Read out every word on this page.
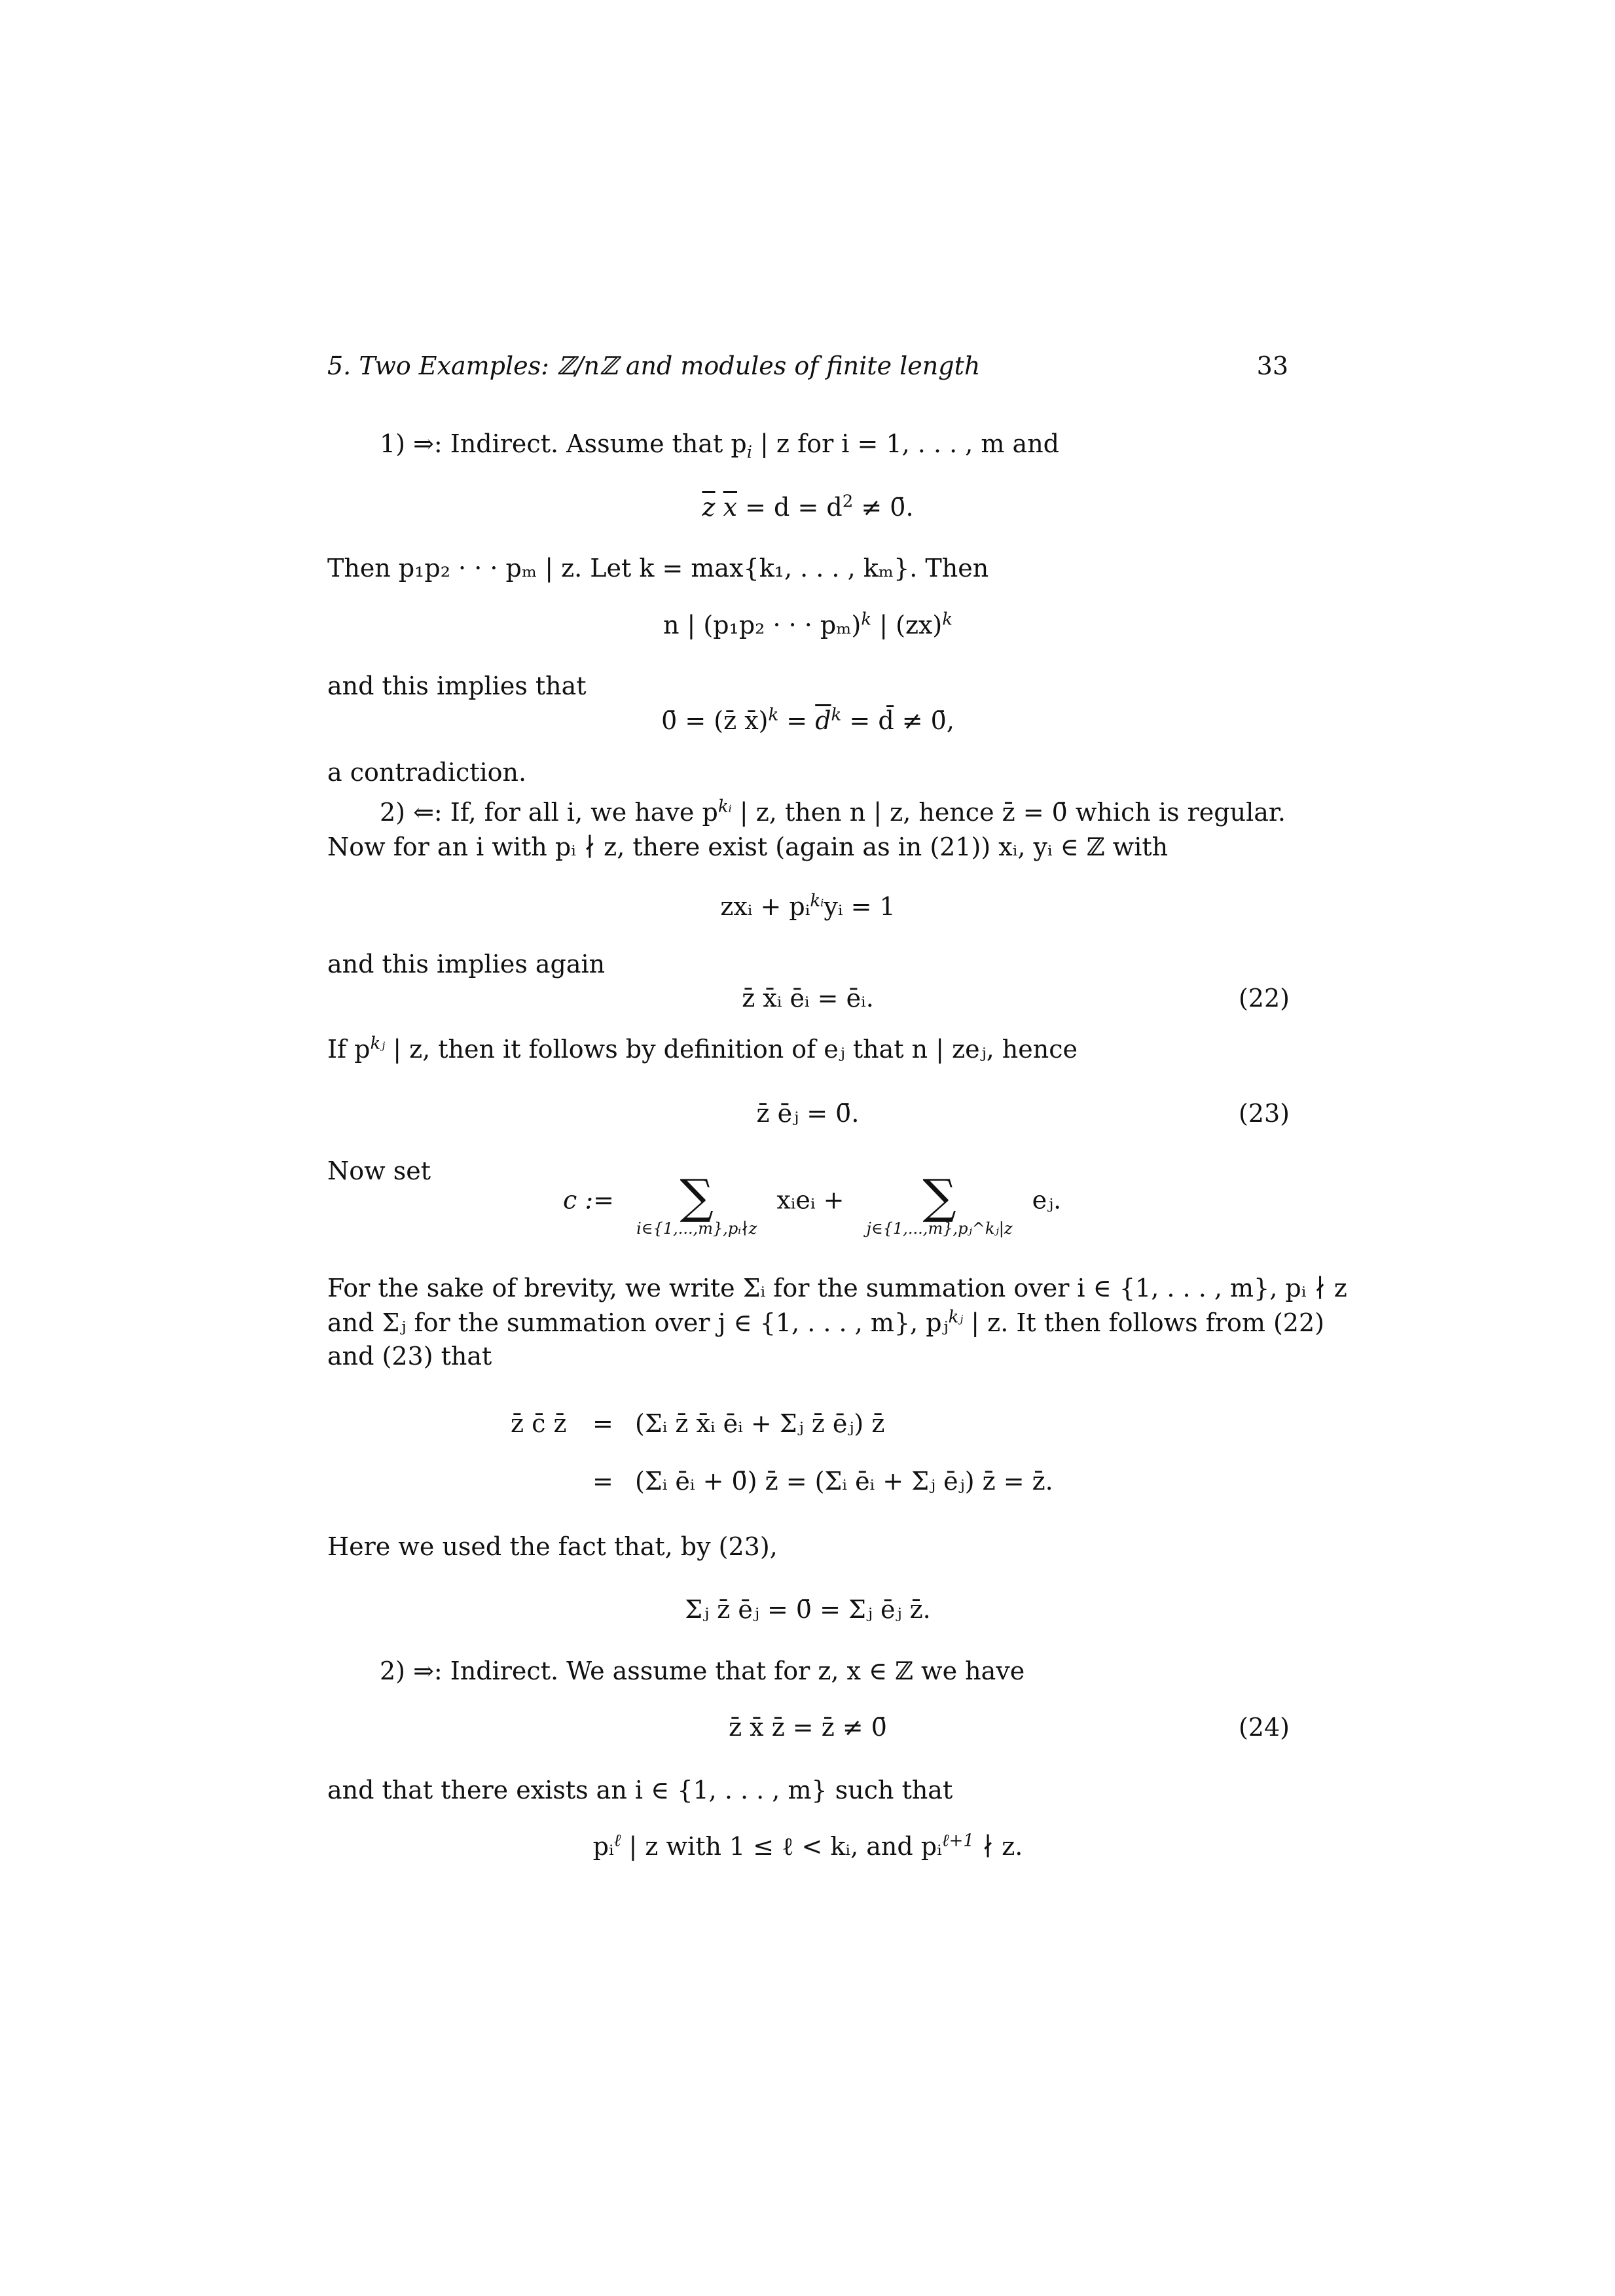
5. Two Examples: ℤ/nℤ and modules of finite length	33
1) ⇒: Indirect. Assume that $p_i$ | z for i = 1, . . . , m and
$\overline{z}$ $\overline{x} = d = d^2$ ≠ 0̄.
Then p₁p₂ · · · pₘ | z. Let k = max{k₁, . . . , kₘ}. Then
n | (p₁p₂ · · · pₘ)$^k$ | (zx)$^k$
and this implies that
0̄ = (z̄ x̄)$^k$ = $\overline{d}^k$ = d̄ ≠ 0̄,
a contradiction.
2) ⇐: If, for all i, we have $p^{kᵢ}$ | z, then n | z, hence z̄ = 0̄ which is regular.
Now for an i with pᵢ ∤ z, there exist (again as in (21)) xᵢ, yᵢ ∈ ℤ with
zxᵢ + pᵢ$^{kᵢ}$yᵢ = 1
and this implies again
z̄ x̄ᵢ ēᵢ = ēᵢ.	(22)
If $p^{kⱼ}$ | z, then it follows by definition of eⱼ that n | zeⱼ, hence
z̄ ēⱼ = 0̄.	(23)
Now set
c :=	∑
i∈{1,...,m},pᵢ∤z
xᵢeᵢ +	∑
j∈{1,...,m},pⱼ^kⱼ|z
eⱼ.
For the sake of brevity, we write Σᵢ for the summation over i ∈ {1, . . . , m}, pᵢ ∤ z
and Σⱼ for the summation over j ∈ {1, . . . , m}, pⱼ$^{kⱼ}$ | z. It then follows from (22)
and (23) that
z̄ c̄ z̄ = (Σᵢ z̄ x̄ᵢ ēᵢ + Σⱼ z̄ ēⱼ) z̄
= (Σᵢ ēᵢ + 0̄) z̄ = (Σᵢ ēᵢ + Σⱼ ēⱼ) z̄ = z̄.
Here we used the fact that, by (23),
Σⱼ z̄ ēⱼ = 0̄ = Σⱼ ēⱼ z̄.
2) ⇒: Indirect. We assume that for z, x ∈ ℤ we have
z̄ x̄ z̄ = z̄ ≠ 0̄	(24)
and that there exists an i ∈ {1, . . . , m} such that
pᵢ$^\ell$ | z with 1 ≤ ℓ < kᵢ, and pᵢ$^{\ell+1}$ ∤ z.
